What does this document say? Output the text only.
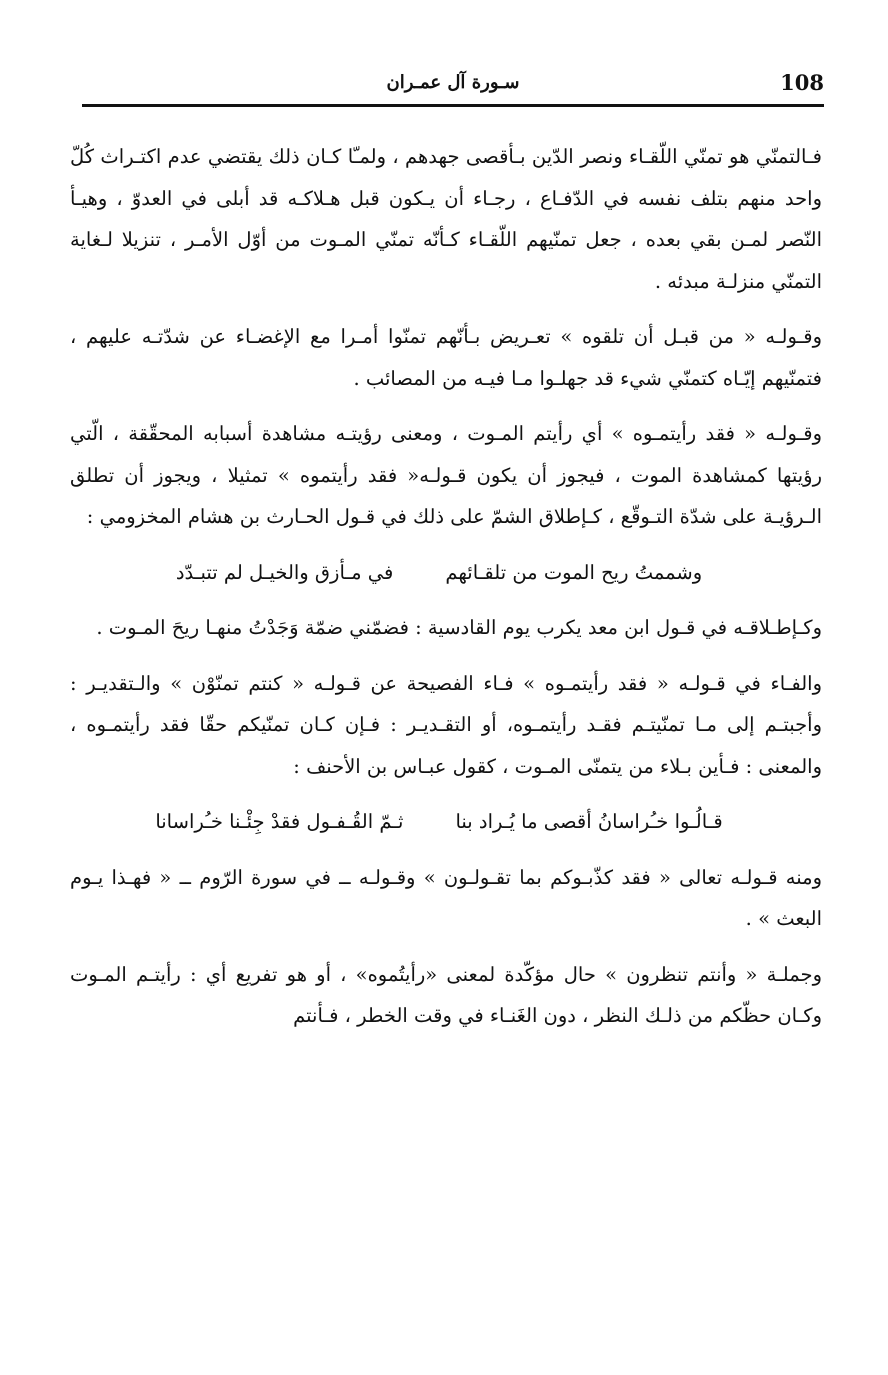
108
سـورة آل عمـران

فـالتمنّي هو تمنّي اللّقـاء ونصر الدّين بـأقصى جهدهم ، ولمـّا كـان ذلك يقتضي عدم اكتـراث كُلّ واحد منهم بتلف نفسه في الدّفـاع ، رجـاء أن يـكون قبل هـلاكـه قد أبلى في العدوّ ، وهيـأ النّصر لمـن بقي بعده ، جعل تمنّيهم اللّقـاء كـأنّه تمنّي المـوت من أوّل الأمـر ، تنزيلا لـغاية التمنّي منزلـة مبدئه .

وقـولـه « من قبـل أن تلقوه » تعـريض بـأنّهم تمنّوا أمـرا مع الإغضـاء عن شدّتـه عليهم ، فتمنّيهم إيّـاه كتمنّي شيء قد جهلـوا مـا فيـه من المصائب .

وقـولـه « فقد رأيتمـوه » أي رأيتم المـوت ، ومعنى رؤيتـه مشاهدة أسبابه المحقّقة ، الّتي رؤيتها كمشاهدة الموت ، فيجوز أن يكون قـولـه« فقد رأيتموه » تمثيلا ، ويجوز أن تطلق الـرؤيـة على شدّة التـوقّع ، كـإطلاق الشمّ على ذلك في قـول الحـارث بن هشام المخزومي :

وشممتُ ريح الموت من تلقـائهم
في مـأزق والخيـل لم تتبـدّد

وكـإطـلاقـه في قـول ابن معد يكرب يوم القادسية : فضمّني ضمّة وَجَدْتُ منهـا ريحَ المـوت .

والفـاء في قـولـه « فقد رأيتمـوه » فـاء الفصيحة عن قـولـه « كنتم تمنّوْن » والـتقديـر : وأجبتـم إلى مـا تمنّيتـم فقـد رأيتمـوه، أو التقـديـر : فـإن كـان تمنّيكم حقّا فقد رأيتمـوه ، والمعنى : فـأين بـلاء من يتمنّى المـوت ، كقول عبـاس بن الأحنف :

قـالُـوا خـُراسانُ أقصى ما يُـراد بنا
ثـمّ القُـفـول فقدْ جِئْـنا خـُراسانا

ومنه قـولـه تعالى « فقد كذّبـوكم بما تقـولـون » وقـولـه ــ في سورة الرّوم ــ « فهـذا يـوم البعث » .

وجملـة « وأنتم تنظرون » حال مؤكّدة لمعنى «رأيتُموه» ، أو هو تفريع أي : رأيتـم المـوت وكـان حظّكم من ذلـك النظر ، دون الغَنـاء في وقت الخطر ، فـأنتم
